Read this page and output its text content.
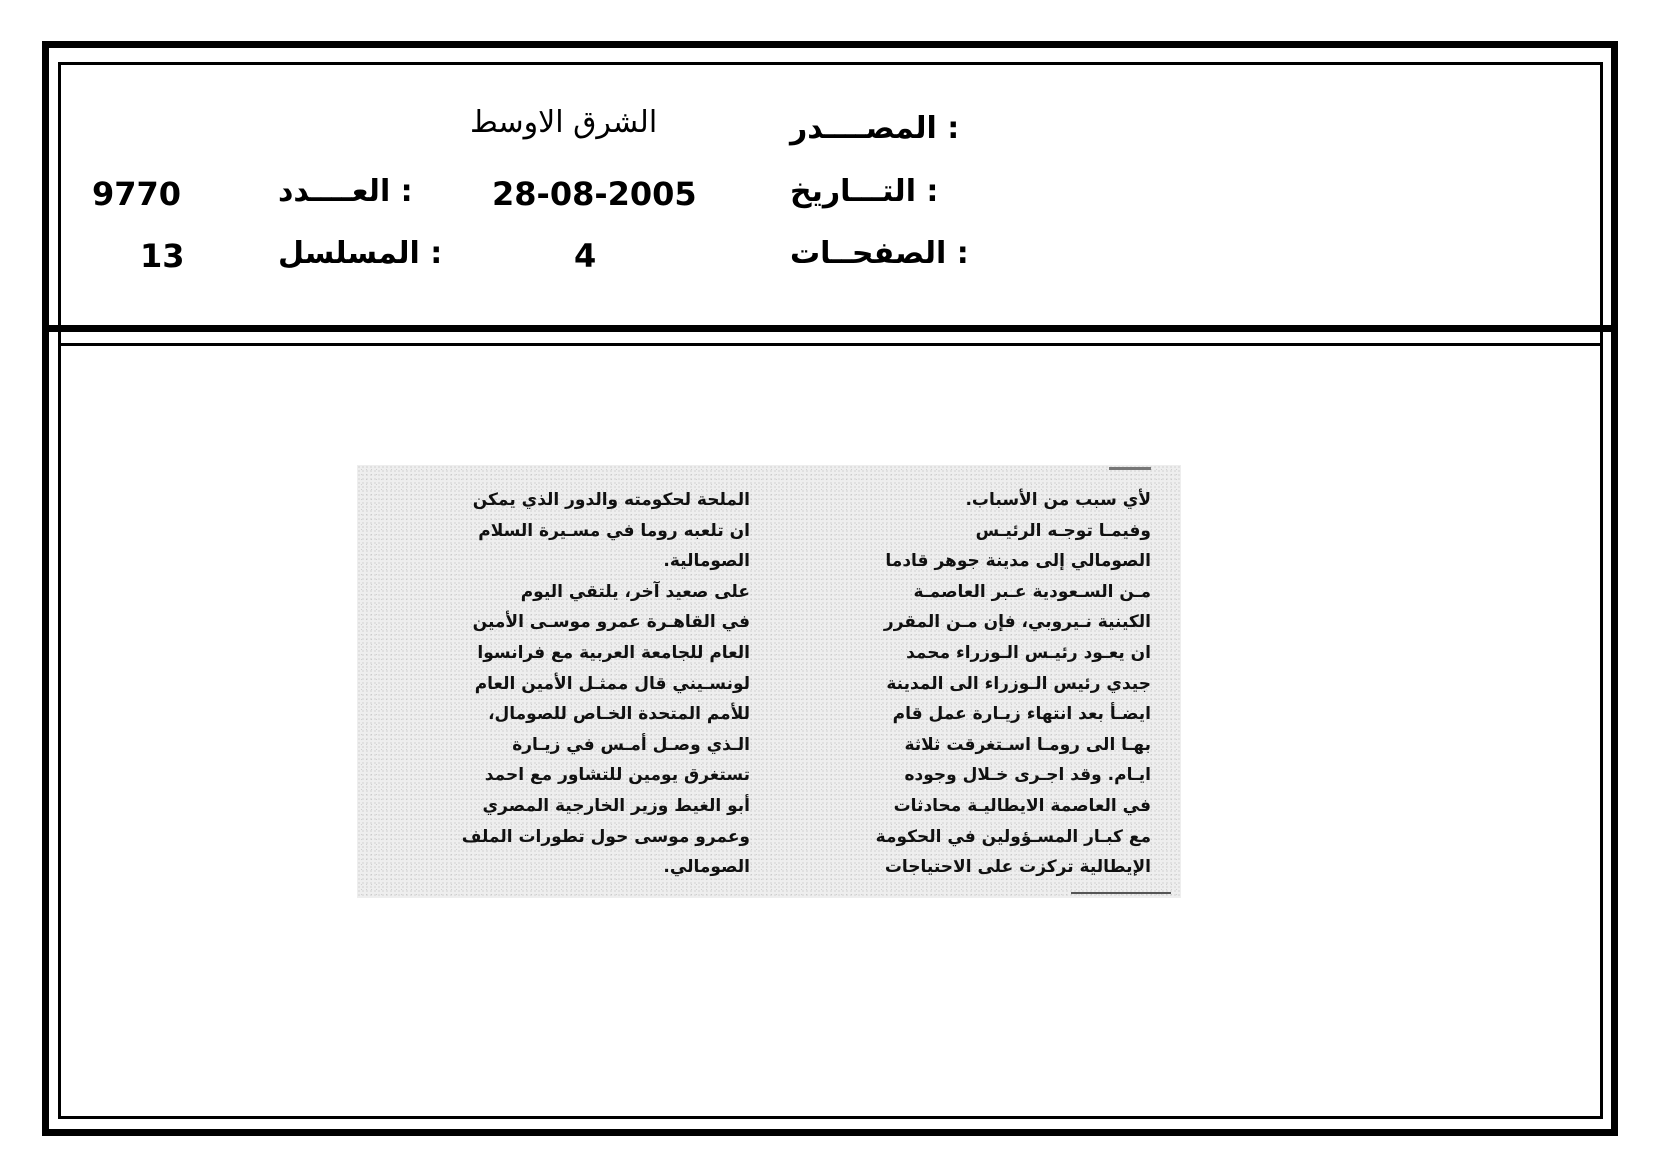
المصــــدر :
الشرق الاوسط
التـــاريخ :
28-08-2005
العــــدد :
9770
الصفحــات :
4
المسلسل :
13
لأي سبب من الأسباب.
وفيمـا توجـه الرئيـس
الصومالي إلى مدينة جوهر قادما
مـن السـعودية عـبر العاصمـة
الكينية نـيروبي، فإن مـن المقرر
ان يعـود رئيـس الـوزراء محمد
جيدي رئيس الـوزراء الى المدينة
ايضـأ بعد انتهاء زيـارة عمل قام
بهـا الى رومـا اسـتغرقت ثلاثة
ايـام. وقد اجـرى خـلال وجوده
في العاصمة الايطاليـة محادثات
مع كبـار المسـؤولين في الحكومة
الإيطالية تركزت على الاحتياجات
الملحة لحكومته والدور الذي يمكن
ان تلعبه روما في مسـيرة السلام
الصومالية.
على صعيد آخر، يلتقي اليوم
في القاهـرة عمرو موسـى الأمين
العام للجامعة العربية مع فرانسوا
لونسـيني قال ممثـل الأمين العام
للأمم المتحدة الخـاص للصومال،
الـذي وصـل أمـس في زيـارة
تستغرق يومين للتشاور مع احمد
أبو الغيط وزير الخارجية المصري
وعمرو موسى حول تطورات الملف
الصومالي.
